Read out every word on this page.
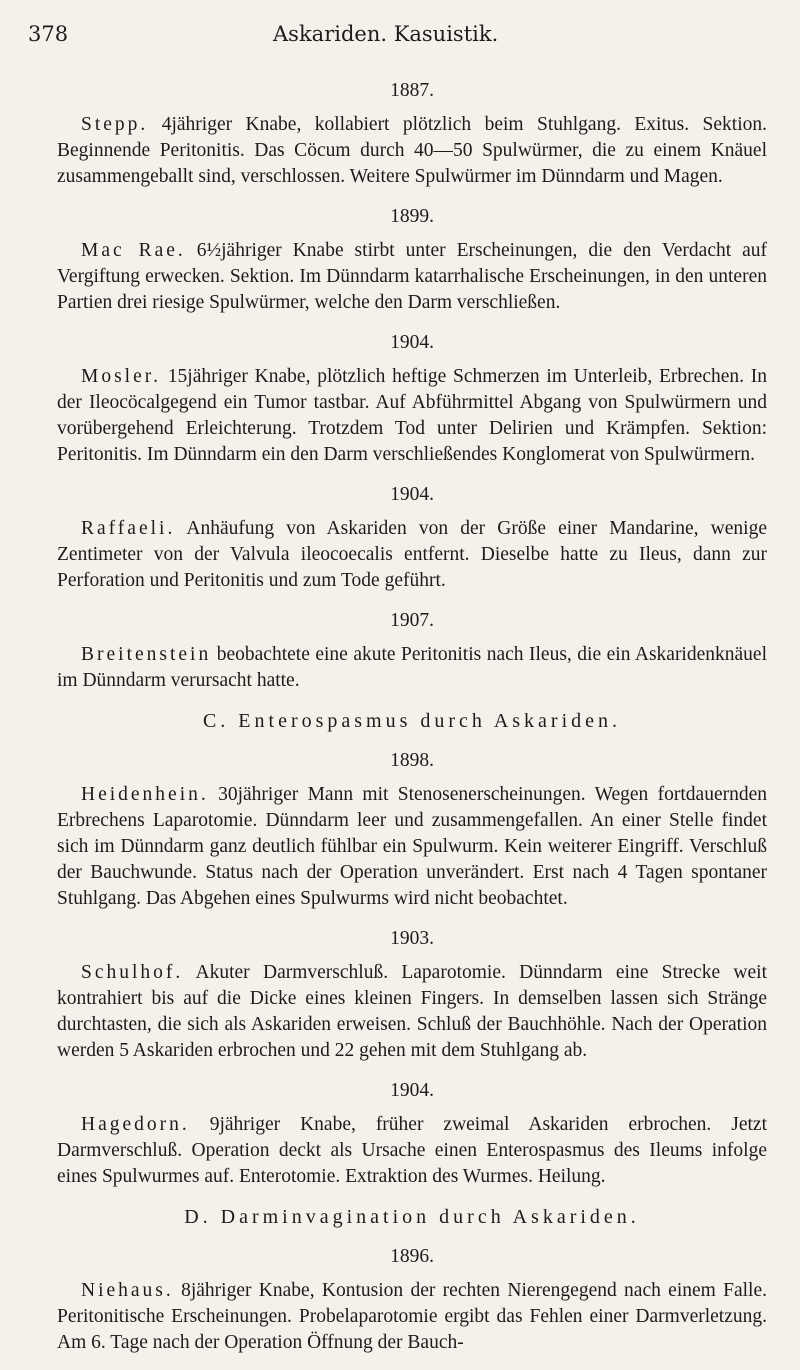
378	Askariden. Kasuistik.
1887.

Stepp. 4jähriger Knabe, kollabiert plötzlich beim Stuhlgang. Exitus. Sektion. Beginnende Peritonitis. Das Cöcum durch 40—50 Spulwürmer, die zu einem Knäuel zusammengeballt sind, verschlossen. Weitere Spulwürmer im Dünndarm und Magen.

1899.

Mac Rae. 6½jähriger Knabe stirbt unter Erscheinungen, die den Verdacht auf Vergiftung erwecken. Sektion. Im Dünndarm katarrhalische Erscheinungen, in den unteren Partien drei riesige Spulwürmer, welche den Darm verschließen.

1904.

Mosler. 15jähriger Knabe, plötzlich heftige Schmerzen im Unterleib, Erbrechen. In der Ileocöcalgegend ein Tumor tastbar. Auf Abführmittel Abgang von Spulwürmern und vorübergehend Erleichterung. Trotzdem Tod unter Delirien und Krämpfen. Sektion: Peritonitis. Im Dünndarm ein den Darm verschließendes Konglomerat von Spulwürmern.

1904.

Raffaeli. Anhäufung von Askariden von der Größe einer Mandarine, wenige Zentimeter von der Valvula ileocoecalis entfernt. Dieselbe hatte zu Ileus, dann zur Perforation und Peritonitis und zum Tode geführt.

1907.

Breitenstein beobachtete eine akute Peritonitis nach Ileus, die ein Askaridenknäuel im Dünndarm verursacht hatte.

C. Enterospasmus durch Askariden.
1898.

Heidenhein. 30jähriger Mann mit Stenosenerscheinungen. Wegen fortdauernden Erbrechens Laparotomie. Dünndarm leer und zusammengefallen. An einer Stelle findet sich im Dünndarm ganz deutlich fühlbar ein Spulwurm. Kein weiterer Eingriff. Verschluß der Bauchwunde. Status nach der Operation unverändert. Erst nach 4 Tagen spontaner Stuhlgang. Das Abgehen eines Spulwurms wird nicht beobachtet.

1903.

Schulhof. Akuter Darmverschluß. Laparotomie. Dünndarm eine Strecke weit kontrahiert bis auf die Dicke eines kleinen Fingers. In demselben lassen sich Stränge durchtasten, die sich als Askariden erweisen. Schluß der Bauchhöhle. Nach der Operation werden 5 Askariden erbrochen und 22 gehen mit dem Stuhlgang ab.

1904.

Hagedorn. 9jähriger Knabe, früher zweimal Askariden erbrochen. Jetzt Darmverschluß. Operation deckt als Ursache einen Enterospasmus des Ileums infolge eines Spulwurmes auf. Enterotomie. Extraktion des Wurmes. Heilung.

D. Darminvagination durch Askariden.
1896.

Niehaus. 8jähriger Knabe, Kontusion der rechten Nierengegend nach einem Falle. Peritonitische Erscheinungen. Probelaparotomie ergibt das Fehlen einer Darmverletzung. Am 6. Tage nach der Operation Öffnung der Bauch-
